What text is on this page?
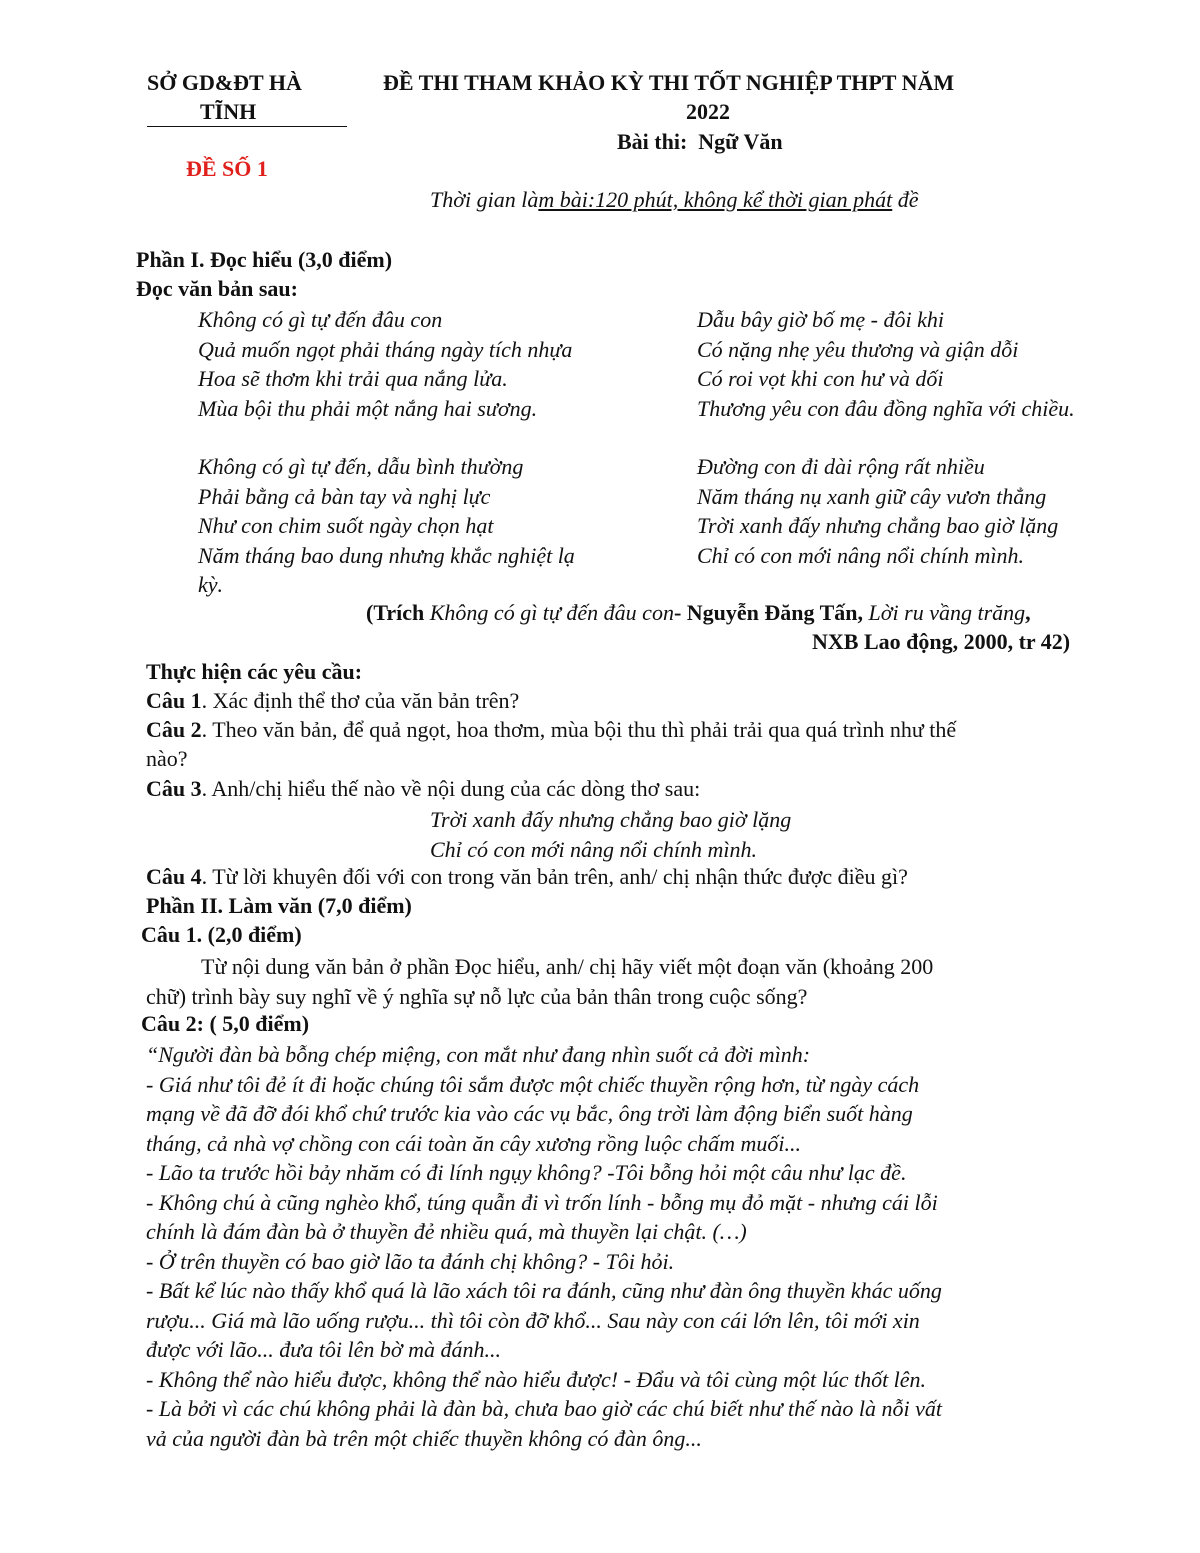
SỞ GD&ĐT HÀ
TĨNH
ĐỀ SỐ 1
ĐỀ THI THAM KHẢO KỲ THI TỐT NGHIỆP THPT NĂM
2022
Bài thi: Ngữ Văn
Thời gian làm bài:120 phút, không kể thời gian phát đề
Phần I. Đọc hiểu (3,0 điểm)
Đọc văn bản sau:
Không có gì tự đến đâu con
Quả muốn ngọt phải tháng ngày tích nhựa
Hoa sẽ thơm khi trải qua nắng lửa.
Mùa bội thu phải một nắng hai sương.
Không có gì tự đến, dẫu bình thường
Phải bằng cả bàn tay và nghị lực
Như con chim suốt ngày chọn hạt
Năm tháng bao dung nhưng khắc nghiệt lạ
kỳ.
Dẫu bây giờ bố mẹ - đôi khi
Có nặng nhẹ yêu thương và giận dỗi
Có roi vọt khi con hư và dối
Thương yêu con đâu đồng nghĩa với chiều.
Đường con đi dài rộng rất nhiều
Năm tháng nụ xanh giữ cây vươn thẳng
Trời xanh đấy nhưng chẳng bao giờ lặng
Chỉ có con mới nâng nổi chính mình.
(Trích Không có gì tự đến đâu con- Nguyễn Đăng Tấn, Lời ru vầng trăng,
NXB Lao động, 2000, tr 42)
Thực hiện các yêu cầu:
Câu 1. Xác định thể thơ của văn bản trên?
Câu 2. Theo văn bản, để quả ngọt, hoa thơm, mùa bội thu thì phải trải qua quá trình như thế
nào?
Câu 3. Anh/chị hiểu thế nào về nội dung của các dòng thơ sau:
Trời xanh đấy nhưng chẳng bao giờ lặng
Chỉ có con mới nâng nổi chính mình.
Câu 4. Từ lời khuyên đối với con trong văn bản trên, anh/ chị nhận thức được điều gì?
Phần II. Làm văn (7,0 điểm)
Câu 1. (2,0 điểm)
Từ nội dung văn bản ở phần Đọc hiểu, anh/ chị hãy viết một đoạn văn (khoảng 200
chữ) trình bày suy nghĩ về ý nghĩa sự nỗ lực của bản thân trong cuộc sống?
Câu 2: ( 5,0 điểm)
“Người đàn bà bỗng chép miệng, con mắt như đang nhìn suốt cả đời mình:
- Giá như tôi đẻ ít đi hoặc chúng tôi sắm được một chiếc thuyền rộng hơn, từ ngày cách
mạng về đã đỡ đói khổ chứ trước kia vào các vụ bắc, ông trời làm động biển suốt hàng
tháng, cả nhà vợ chồng con cái toàn ăn cây xương rồng luộc chấm muối...
- Lão ta trước hồi bảy nhăm có đi lính ngụy không? -Tôi bỗng hỏi một câu như lạc đề.
- Không chú à cũng nghèo khổ, túng quẫn đi vì trốn lính - bỗng mụ đỏ mặt - nhưng cái lỗi
chính là đám đàn bà ở thuyền đẻ nhiều quá, mà thuyền lại chật. (…)
- Ở trên thuyền có bao giờ lão ta đánh chị không? - Tôi hỏi.
- Bất kể lúc nào thấy khổ quá là lão xách tôi ra đánh, cũng như đàn ông thuyền khác uống
rượu... Giá mà lão uống rượu... thì tôi còn đỡ khổ... Sau này con cái lớn lên, tôi mới xin
được với lão... đưa tôi lên bờ mà đánh...
- Không thể nào hiểu được, không thể nào hiểu được! - Đẩu và tôi cùng một lúc thốt lên.
- Là bởi vì các chú không phải là đàn bà, chưa bao giờ các chú biết như thế nào là nỗi vất
vả của người đàn bà trên một chiếc thuyền không có đàn ông...
